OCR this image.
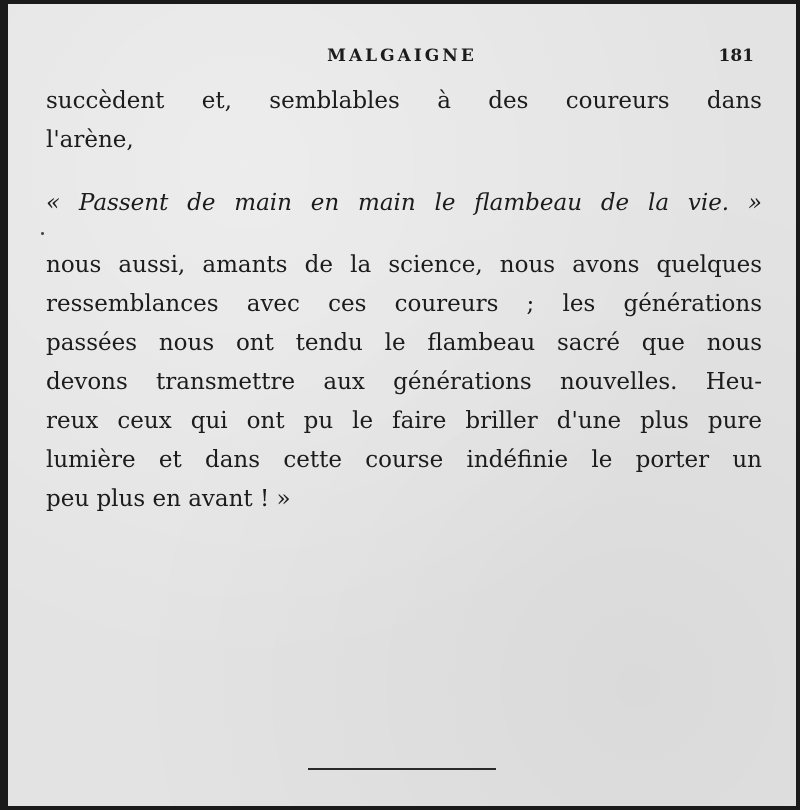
MALGAIGNE	181
succèdent et, semblables à des coureurs dans
l'arène,
« Passent de main en main le flambeau de la vie. »
nous aussi, amants de la science, nous avons quelques
ressemblances avec ces coureurs ; les générations
passées nous ont tendu le flambeau sacré que nous
devons transmettre aux générations nouvelles. Heu-
reux ceux qui ont pu le faire briller d'une plus pure
lumière et dans cette course indéfinie le porter un
peu plus en avant ! »
